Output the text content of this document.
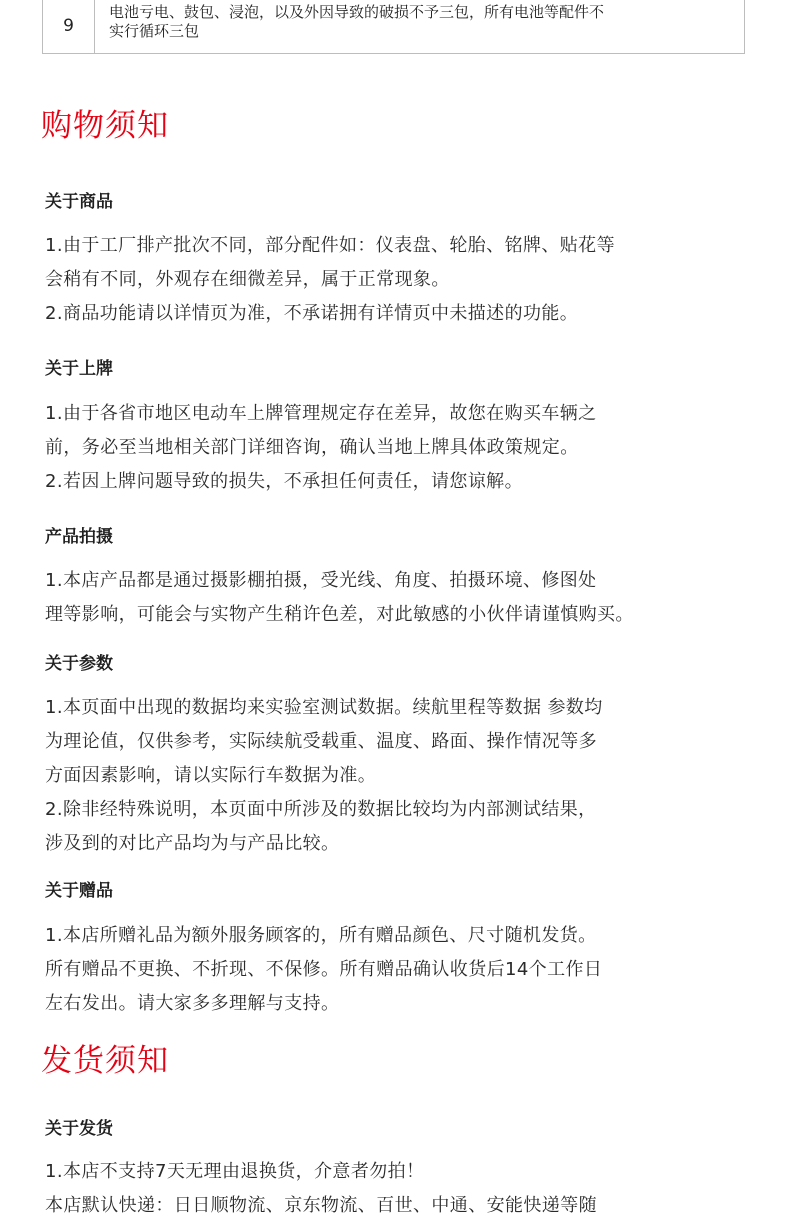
9
电池亏电、鼓包、浸泡，以及外因导致的破损不予三包，所有电池等配件不
实行循环三包
购物须知
关于商品

1.由于工厂排产批次不同，部分配件如：仪表盘、轮胎、铭牌、贴花等
会稍有不同，外观存在细微差异，属于正常现象。
2.商品功能请以详情页为准，不承诺拥有详情页中未描述的功能。

关于上牌

1.由于各省市地区电动车上牌管理规定存在差异，故您在购买车辆之
前，务必至当地相关部门详细咨询，确认当地上牌具体政策规定。
2.若因上牌问题导致的损失，不承担任何责任，请您谅解。

产品拍摄

1.本店产品都是通过摄影棚拍摄，受光线、角度、拍摄环境、修图处
理等影响，可能会与实物产生稍许色差，对此敏感的小伙伴请谨慎购买。

关于参数

1.本页面中出现的数据均来实验室测试数据。续航里程等数据 参数均
为理论值，仅供参考，实际续航受载重、温度、路面、操作情况等多
方面因素影响，请以实际行车数据为准。
2.除非经特殊说明，本页面中所涉及的数据比较均为内部测试结果，
涉及到的对比产品均为与产品比较。

关于赠品

1.本店所赠礼品为额外服务顾客的，所有赠品颜色、尺寸随机发货。
所有赠品不更换、不折现、不保修。所有赠品确认收货后14个工作日
左右发出。请大家多多理解与支持。

发货须知
关于发货

1.本店不支持7天无理由退换货，介意者勿拍！
本店默认快递：日日顺物流、京东物流、百世、中通、安能快递等随
